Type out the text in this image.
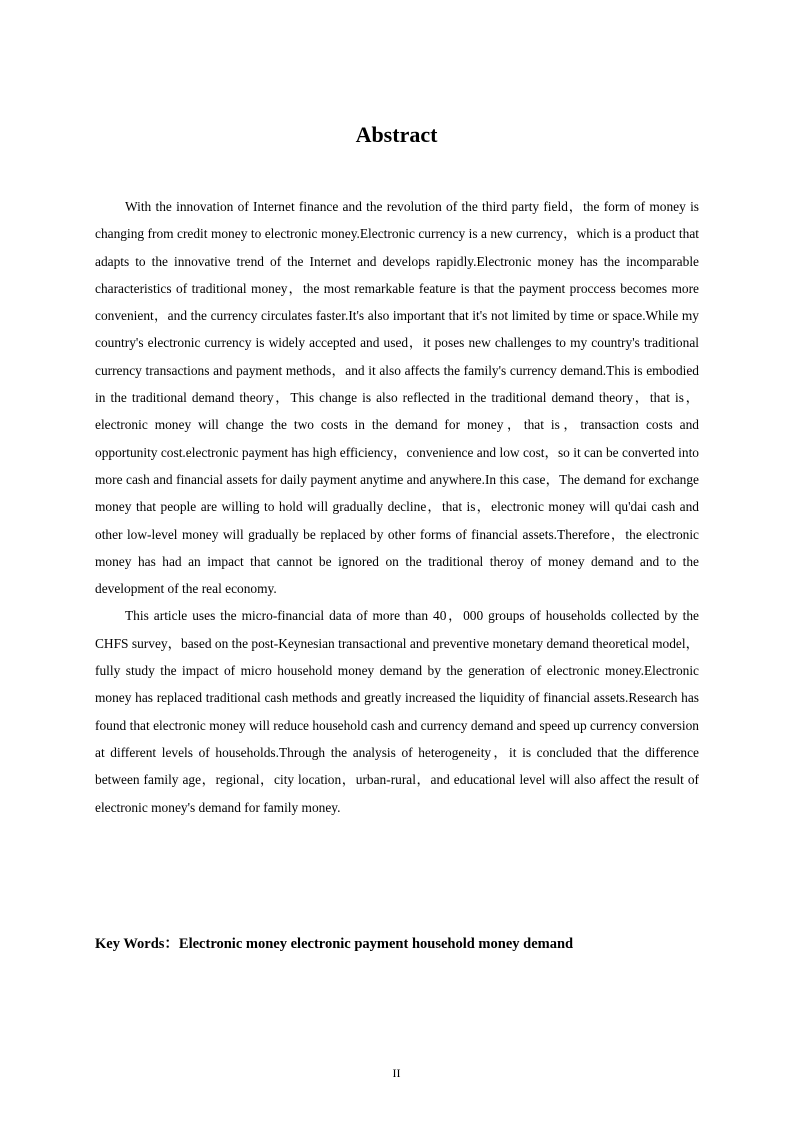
Abstract

With the innovation of Internet finance and the revolution of the third party field，the form of money is changing from credit money to electronic money.Electronic currency is a new currency，which is a product that adapts to the innovative trend of the Internet and develops rapidly.Electronic money has the incomparable characteristics of traditional money，the most remarkable feature is that the payment proccess becomes more convenient，and the currency circulates faster.It's also important that it's not limited by time or space.While my country's electronic currency is widely accepted and used，it poses new challenges to my country's traditional currency transactions and payment methods，and it also affects the family's currency demand.This is embodied in the traditional demand theory，This change is also reflected in the traditional demand theory，that is，electronic money will change the two costs in the demand for money，that is，transaction costs and opportunity cost.electronic payment has high efficiency，convenience and low cost，so it can be converted into more cash and financial assets for daily payment anytime and anywhere.In this case，The demand for exchange money that people are willing to hold will gradually decline，that is，electronic money will qu'dai cash and other low-level money will gradually be replaced by other forms of financial assets.Therefore，the electronic money has had an impact that cannot be ignored on the traditional theroy of money demand and to the development of the real economy.

This article uses the micro-financial data of more than 40，000 groups of households collected by the CHFS survey，based on the post-Keynesian transactional and preventive monetary demand theoretical model，fully study the impact of micro household money demand by the generation of electronic money.Electronic money has replaced traditional cash methods and greatly increased the liquidity of financial assets.Research has found that electronic money will reduce household cash and currency demand and speed up currency conversion at different levels of households.Through the analysis of heterogeneity，it is concluded that the difference between family age，regional，city location，urban-rural，and educational level will also affect the result of electronic money's demand for family money.

Key Words：Electronic money electronic payment household money demand
II
